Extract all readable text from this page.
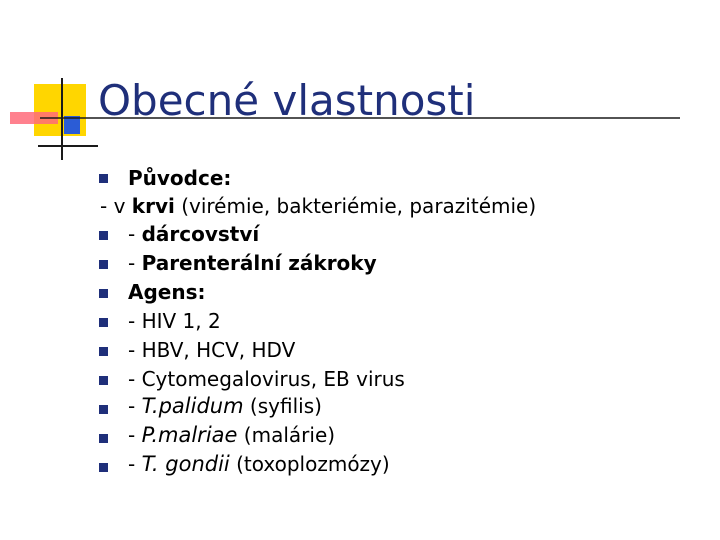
Obecné vlastnosti
Původce:
- v krvi (virémie, bakteriémie, parazitémie)
- dárcovství
- Parenterální zákroky
Agens:
- HIV 1, 2
- HBV, HCV, HDV
- Cytomegalovirus, EB virus
- T.palidum (syfilis)
- P.malriae (malárie)
- T. gondii (toxoplozmózy)
